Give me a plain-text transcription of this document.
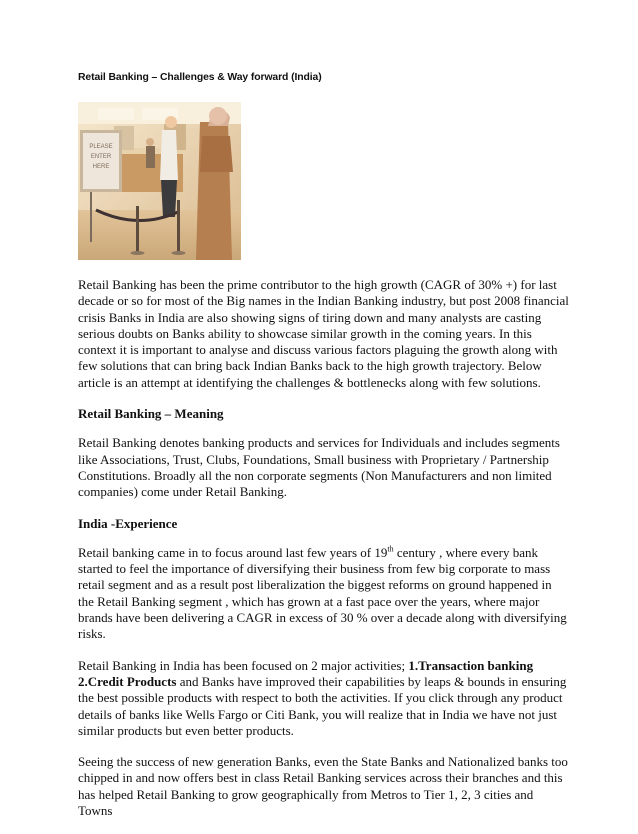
Retail Banking – Challenges & Way forward (India)
PLEASE
ENTER
HERE

Retail Banking has been the prime contributor to the high growth (CAGR of 30% +) for last decade or so for most of the Big names in the Indian Banking industry, but post 2008 financial crisis Banks in India are also showing signs of tiring down and many analysts are casting serious doubts on Banks ability to showcase similar growth in the coming years. In this context it is important to analyse and discuss various factors plaguing the growth along with few solutions that can bring back Indian Banks back to the high growth trajectory. Below article is an attempt at identifying the challenges & bottlenecks along with few solutions.

Retail Banking – Meaning

Retail Banking denotes banking products and services for Individuals and includes segments like Associations, Trust, Clubs, Foundations, Small business with Proprietary / Partnership Constitutions. Broadly all the non corporate segments (Non Manufacturers and non limited companies) come under Retail Banking.

India -Experience

Retail banking came in to focus around last few years of 19th century , where every bank started to feel the importance of diversifying their business from few big corporate to mass retail segment and as a result post liberalization the biggest reforms on ground happened in the Retail Banking segment , which has grown at a fast pace over the years, where major brands have been delivering a CAGR in excess of 30 % over a decade along with diversifying risks.

Retail Banking in India has been focused on 2 major activities; 1.Transaction banking 2.Credit Products and Banks have improved their capabilities by leaps & bounds in ensuring the best possible products with respect to both the activities. If you click through any product details of banks like Wells Fargo or Citi Bank, you will realize that in India we have not just similar products but even better products.

Seeing the success of new generation Banks, even the State Banks and Nationalized banks too chipped in and now offers best in class Retail Banking services across their branches and this has helped Retail Banking to grow geographically from Metros to Tier 1, 2, 3 cities and Towns
